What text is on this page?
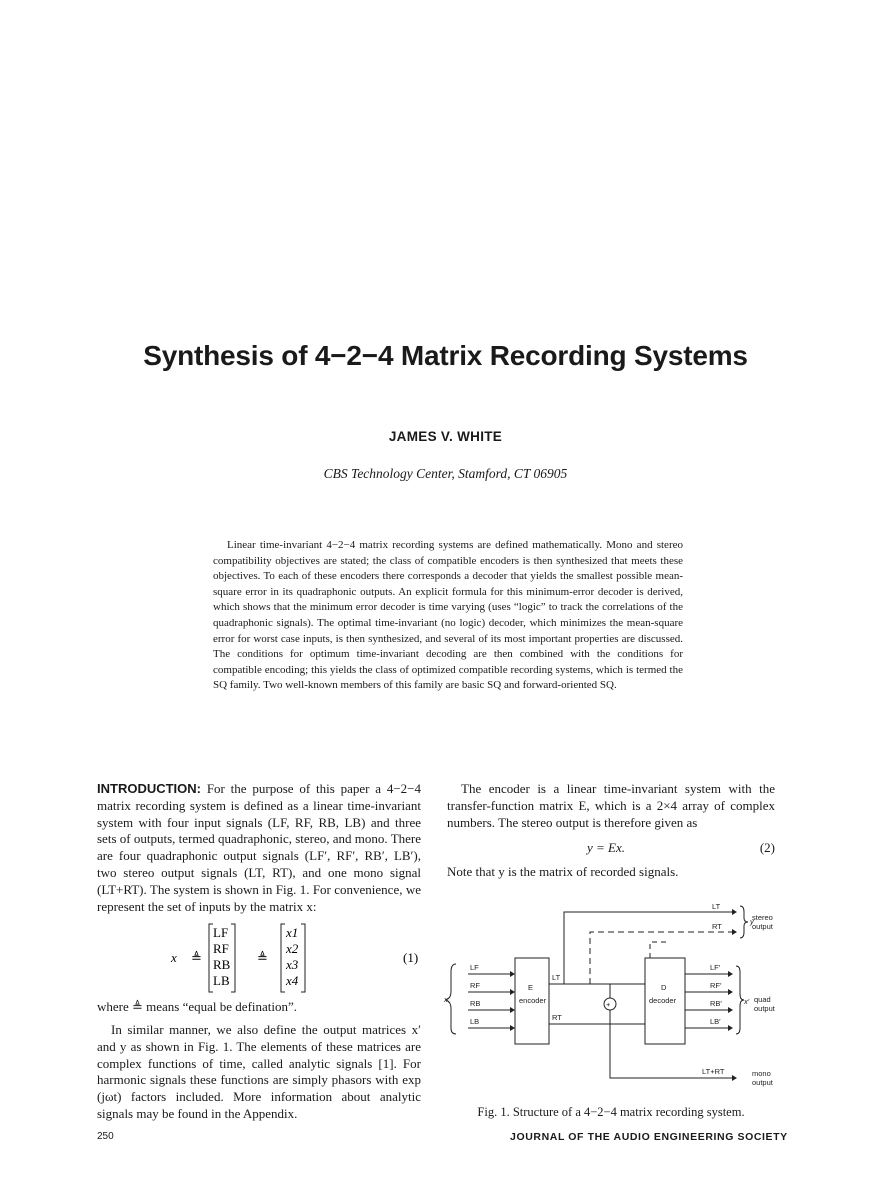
Synthesis of 4−2−4 Matrix Recording Systems
JAMES V. WHITE
CBS Technology Center, Stamford, CT 06905
Linear time-invariant 4−2−4 matrix recording systems are defined mathematically. Mono and stereo compatibility objectives are stated; the class of compatible encoders is then synthesized that meets these objectives. To each of these encoders there corresponds a decoder that yields the smallest possible mean-square error in its quadraphonic outputs. An explicit formula for this minimum-error decoder is derived, which shows that the minimum error decoder is time varying (uses “logic” to track the correlations of the quadraphonic signals). The optimal time-invariant (no logic) decoder, which minimizes the mean-square error for worst case inputs, is then synthesized, and several of its most important properties are discussed. The conditions for optimum time-invariant decoding are then combined with the conditions for compatible encoding; this yields the class of optimized compatible recording systems, which is termed the SQ family. Two well-known members of this family are basic SQ and forward-oriented SQ.
INTRODUCTION: For the purpose of this paper a 4−2−4 matrix recording system is defined as a linear time-invariant system with four input signals (LF, RF, RB, LB) and three sets of outputs, termed quadraphonic, stereo, and mono. There are four quadraphonic output signals (LF′, RF′, RB′, LB′), two stereo output signals (LT, RT), and one mono signal (LT+RT). The system is shown in Fig. 1. For convenience, we represent the set of inputs by the matrix x:
x ≜
LF
RF
RB
LB
≜
x1
x2
x3
x4
(1)
where ≜ means “equal be defination”.
In similar manner, we also define the output matrices x′ and y as shown in Fig. 1. The elements of these matrices are complex functions of time, called analytic signals [1]. For harmonic signals these functions are simply phasors with exp (jωt) factors included. More information about analytic signals may be found in the Appendix.
The encoder is a linear time-invariant system with the transfer-function matrix E, which is a 2×4 array of complex numbers. The stereo output is therefore given as
y = Ex.	(2)
Note that y is the matrix of recorded signals.
x
LF
RF
RB
LB
E
encoder
LT
RT
LT
RT
y
stereo
output
+
LT+RT	mono
output
D
decoder
LF′
RF′
RB′
LB′
x′ quad
output
Fig. 1. Structure of a 4−2−4 matrix recording system.
250	JOURNAL OF THE AUDIO ENGINEERING SOCIETY
